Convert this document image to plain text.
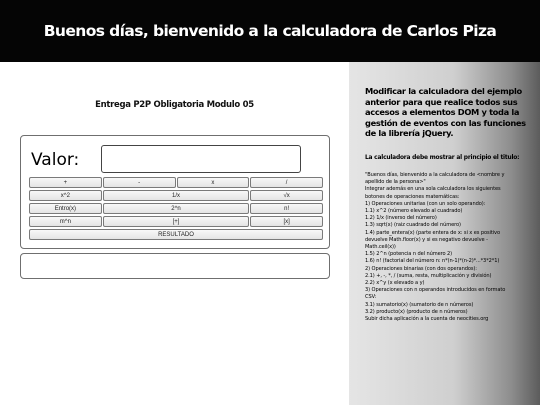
Buenos días, bienvenido a la calculadora de Carlos Piza
Entrega P2P Obligatoria Modulo 05
Valor:
+	-	x	/
x^2	1/x	√x
Entro(x)	2^n	n!
m^n	[+]	[x]
RESULTADO
Modificar la calculadora del ejemplo anterior para que realice todos sus accesos a elementos DOM y toda la gestión de eventos con las funciones de la librería jQuery.
La calculadora debe mostrar al principio el titulo:

"Buenos días, bienvenido a la calculadora de <nombre y

apellido de la persona>"

Integrar además en una sola calculadora los siguientes

botones de operaciones matemáticas:

1) Operaciones unitarias (con un solo operando):

1.1) x^2 (número elevado al cuadrado)

1.2) 1/x (inverso del número)

1.3) sqrt(x) (raiz cuadrado del número)

1.4) parte_entera(x) (parte entera de x: si x es positivo

devuelve Math.floor(x) y si es negativo devuelve -

Math.ceil(x))

1.5) 2^n (potencia n del número 2)

1.6) n! (factorial del número n: n*(n-1)*(n-2)*...*3*2*1)

2) Operaciones binarias (con dos operandos):

2.1) +, -, *, / (suma, resta, multiplicación y división)

2.2) x^y (x elevado a y)

3) Operaciones con n operandos introducidos en formato

CSV:

3.1) sumatorio(x) (sumatorio de n números)

3.2) producto(x) (producto de n números)

Subir dicha aplicación a la cuenta de neocities.org
